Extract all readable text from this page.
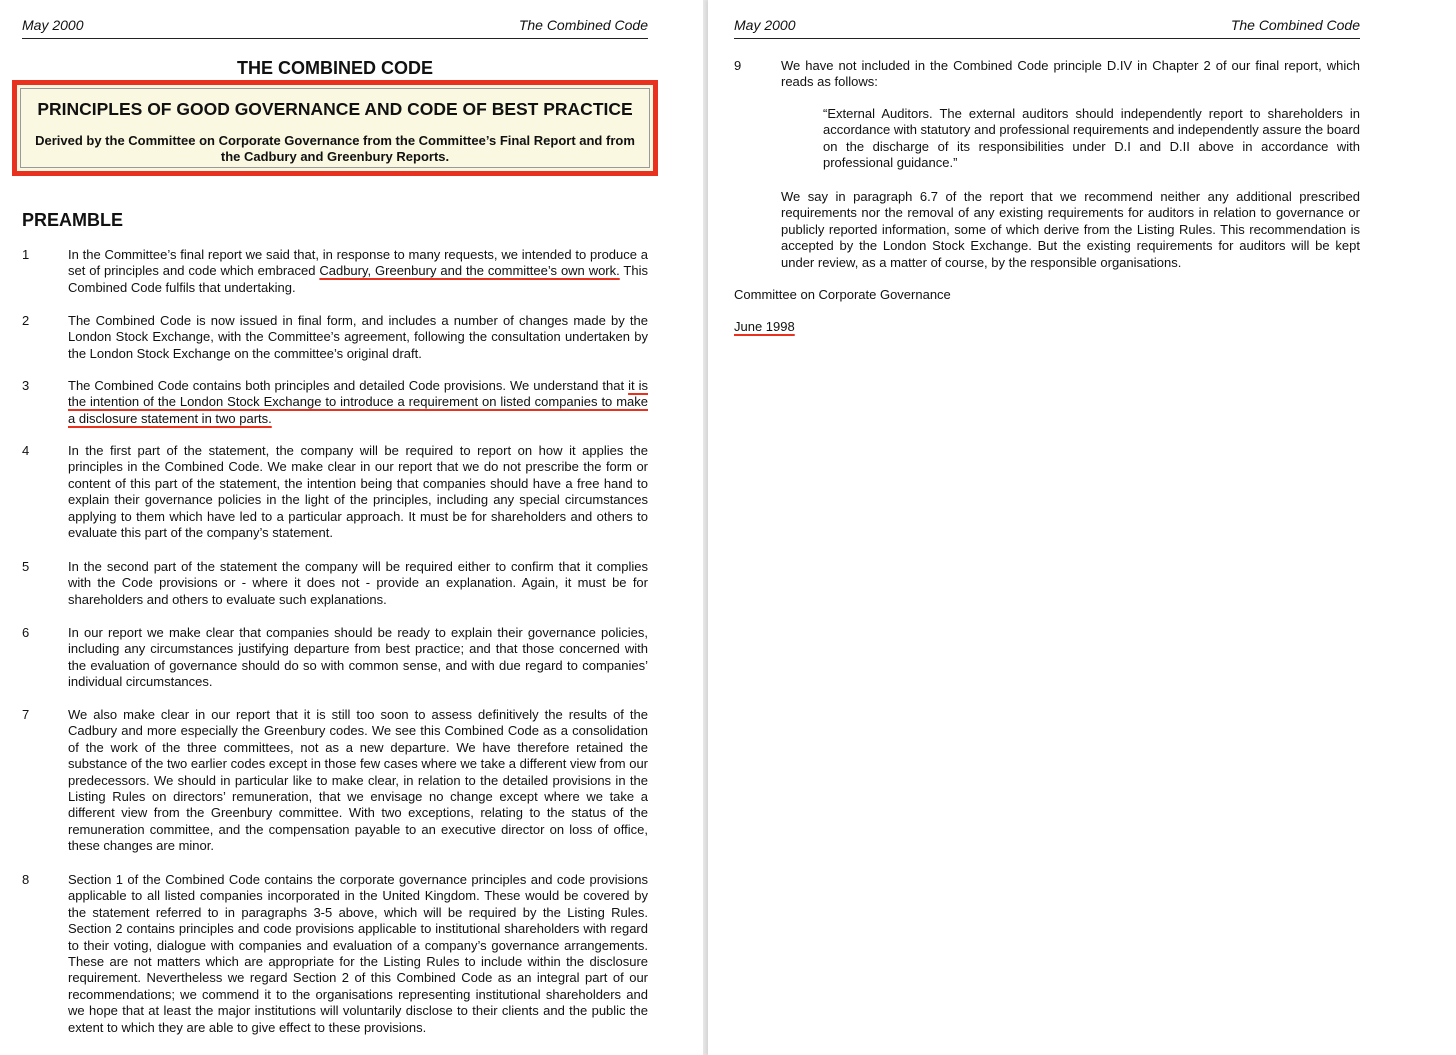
May 2000	The Combined Code
THE COMBINED CODE
PRINCIPLES OF GOOD GOVERNANCE AND CODE OF BEST PRACTICE
Derived by the Committee on Corporate Governance from the Committee’s Final Report and from the Cadbury and Greenbury Reports.
PREAMBLE
1	In the Committee’s final report we said that, in response to many requests, we intended to produce a set of principles and code which embraced Cadbury, Greenbury and the committee’s own work. This Combined Code fulfils that undertaking.
2	The Combined Code is now issued in final form, and includes a number of changes made by the London Stock Exchange, with the Committee’s agreement, following the consultation undertaken by the London Stock Exchange on the committee’s original draft.
3	The Combined Code contains both principles and detailed Code provisions. We understand that it is the intention of the London Stock Exchange to introduce a requirement on listed companies to make a disclosure statement in two parts.
4	In the first part of the statement, the company will be required to report on how it applies the principles in the Combined Code. We make clear in our report that we do not prescribe the form or content of this part of the statement, the intention being that companies should have a free hand to explain their governance policies in the light of the principles, including any special circumstances applying to them which have led to a particular approach. It must be for shareholders and others to evaluate this part of the company’s statement.
5	In the second part of the statement the company will be required either to confirm that it complies with the Code provisions or - where it does not - provide an explanation. Again, it must be for shareholders and others to evaluate such explanations.
6	In our report we make clear that companies should be ready to explain their governance policies, including any circumstances justifying departure from best practice; and that those concerned with the evaluation of governance should do so with common sense, and with due regard to companies’ individual circumstances.
7	We also make clear in our report that it is still too soon to assess definitively the results of the Cadbury and more especially the Greenbury codes. We see this Combined Code as a consolidation of the work of the three committees, not as a new departure. We have therefore retained the substance of the two earlier codes except in those few cases where we take a different view from our predecessors. We should in particular like to make clear, in relation to the detailed provisions in the Listing Rules on directors’ remuneration, that we envisage no change except where we take a different view from the Greenbury committee. With two exceptions, relating to the status of the remuneration committee, and the compensation payable to an executive director on loss of office, these changes are minor.
8	Section 1 of the Combined Code contains the corporate governance principles and code provisions applicable to all listed companies incorporated in the United Kingdom. These would be covered by the statement referred to in paragraphs 3-5 above, which will be required by the Listing Rules. Section 2 contains principles and code provisions applicable to institutional shareholders with regard to their voting, dialogue with companies and evaluation of a company’s governance arrangements. These are not matters which are appropriate for the Listing Rules to include within the disclosure requirement. Nevertheless we regard Section 2 of this Combined Code as an integral part of our recommendations; we commend it to the organisations representing institutional shareholders and we hope that at least the major institutions will voluntarily disclose to their clients and the public the extent to which they are able to give effect to these provisions.
May 2000	The Combined Code
9	We have not included in the Combined Code principle D.IV in Chapter 2 of our final report, which reads as follows:
“External Auditors. The external auditors should independently report to shareholders in accordance with statutory and professional requirements and independently assure the board on the discharge of its responsibilities under D.I and D.II above in accordance with professional guidance.”
We say in paragraph 6.7 of the report that we recommend neither any additional prescribed requirements nor the removal of any existing requirements for auditors in relation to governance or publicly reported information, some of which derive from the Listing Rules. This recommendation is accepted by the London Stock Exchange. But the existing requirements for auditors will be kept under review, as a matter of course, by the responsible organisations.
Committee on Corporate Governance
June 1998
